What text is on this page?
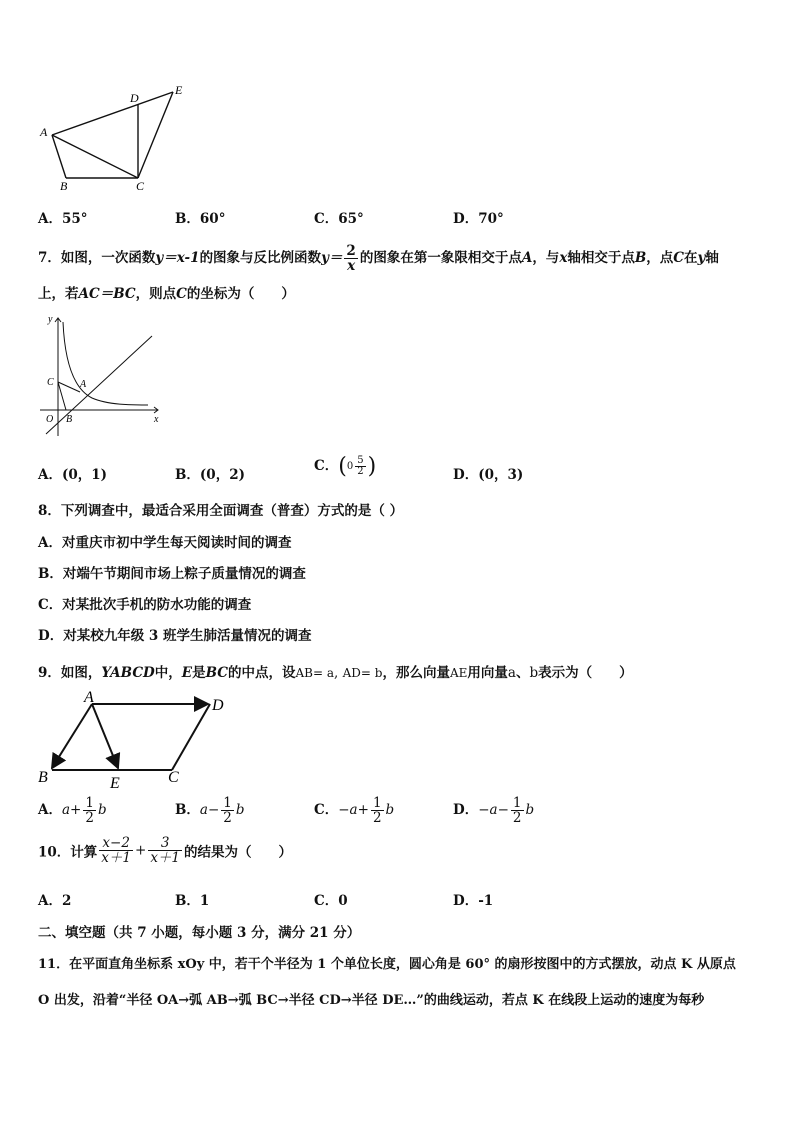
A
B	C
D
E
A．55°	B．60°	C．65°	D．70°
7．如图，一次函数y＝x-1的图象与反比例函数$y= \frac{2}{x}$ 的图象在第一象限相交于点A，与x轴相交于点B，点C在y轴
上，若AC＝BC，则点C的坐标为（　　）
y
x
O B
C	A
A．(0，1)	B．(0，2)
C．($0 \frac{5}{2}$ )	D．(0，3)
8．下列调查中，最适合采用全面调查（普查）方式的是（ ）
A．对重庆市初中学生每天阅读时间的调查
B．对端午节期间市场上粽子质量情况的调查
C．对某批次手机的防水功能的调查
D．对某校九年级 3 班学生肺活量情况的调查
9．如图，YABCD中，E是BC的中点，设AB= a, AD= b，那么向量AE用向量a、b表示为（　　）
A	D
B	E	C
A．$a+ \frac{1}{2}$ b	B．$a- \frac{1}{2}$ b	C．$-a+ \frac{1}{2}$ b	D．$-a- \frac{1}{2}$ b
10．计算 $\frac{x-2}{x+1} + \frac{3}{x+1}$ 的结果为（　　）
A．2	B．1	C．0	D．-1
二、填空题（共 7 小题，每小题 3 分，满分 21 分）
11．在平面直角坐标系 xOy 中，若干个半径为 1 个单位长度，圆心角是 60° 的扇形按图中的方式摆放，动点 K 从原点
O 出发，沿着“半径 OA→弧 AB→弧 BC→半径 CD→半径 DE…”的曲线运动，若点 K 在线段上运动的速度为每秒
